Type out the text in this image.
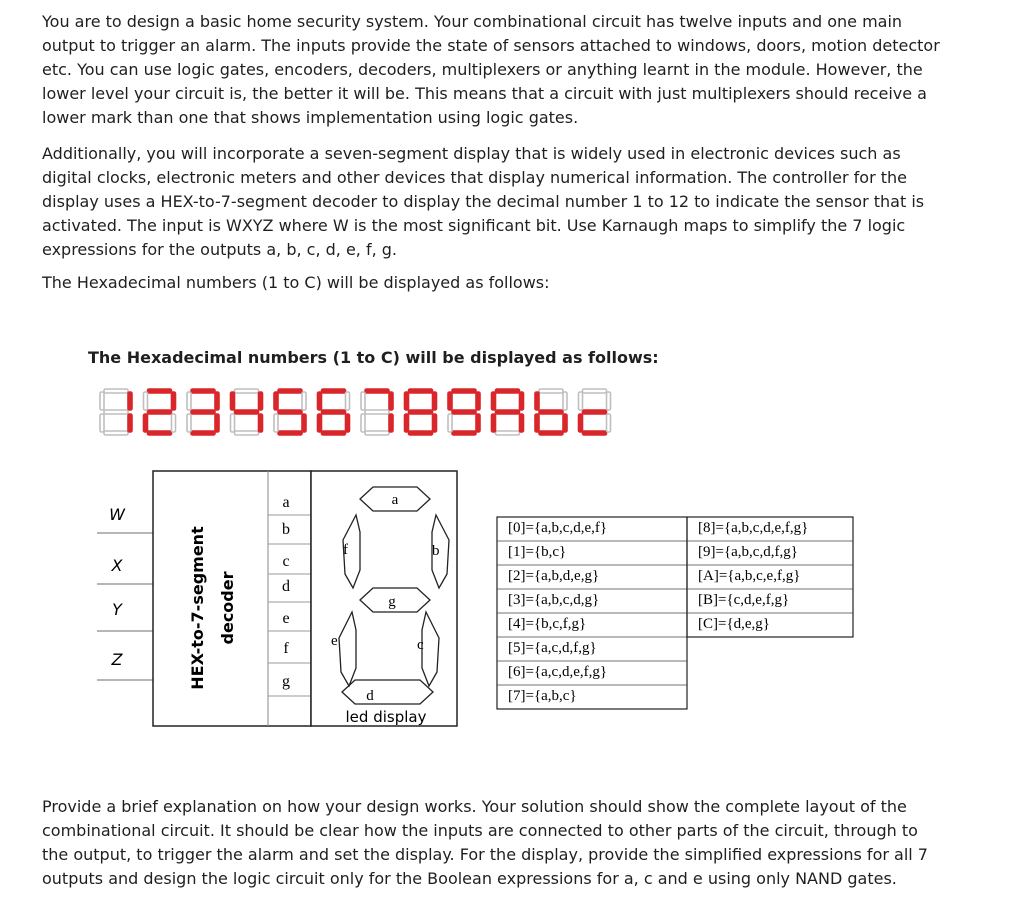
You are to design a basic home security system. Your combinational circuit has twelve inputs and one main output to trigger an alarm. The inputs provide the state of sensors attached to windows, doors, motion detector etc. You can use logic gates, encoders, decoders, multiplexers or anything learnt in the module. However, the lower level your circuit is, the better it will be. This means that a circuit with just multiplexers should receive a lower mark than one that shows implementation using logic gates.

Additionally, you will incorporate a seven-segment display that is widely used in electronic devices such as digital clocks, electronic meters and other devices that display numerical information. The controller for the display uses a HEX-to-7-segment decoder to display the decimal number 1 to 12 to indicate the sensor that is activated. The input is WXYZ where W is the most significant bit. Use Karnaugh maps to simplify the 7 logic expressions for the outputs a, b, c, d, e, f, g.

The Hexadecimal numbers (1 to C) will be displayed as follows:

The Hexadecimal numbers (1 to C) will be displayed as follows:

W
X
Y
Z	HEX-to-7-segment decoder
a
b
c
d
e
f
g
a
b
c
d
e
f
g
led display
[0]={a,b,c,d,e,f}
[1]={b,c}
[2]={a,b,d,e,g}
[3]={a,b,c,d,g}
[4]={b,c,f,g}
[5]={a,c,d,f,g}
[6]={a,c,d,e,f,g}
[7]={a,b,c}
[8]={a,b,c,d,e,f,g}
[9]={a,b,c,d,f,g}
[A]={a,b,c,e,f,g}
[B]={c,d,e,f,g}
[C]={d,e,g}

Provide a brief explanation on how your design works. Your solution should show the complete layout of the combinational circuit. It should be clear how the inputs are connected to other parts of the circuit, through to the output, to trigger the alarm and set the display. For the display, provide the simplified expressions for all 7 outputs and design the logic circuit only for the Boolean expressions for a, c and e using only NAND gates.
